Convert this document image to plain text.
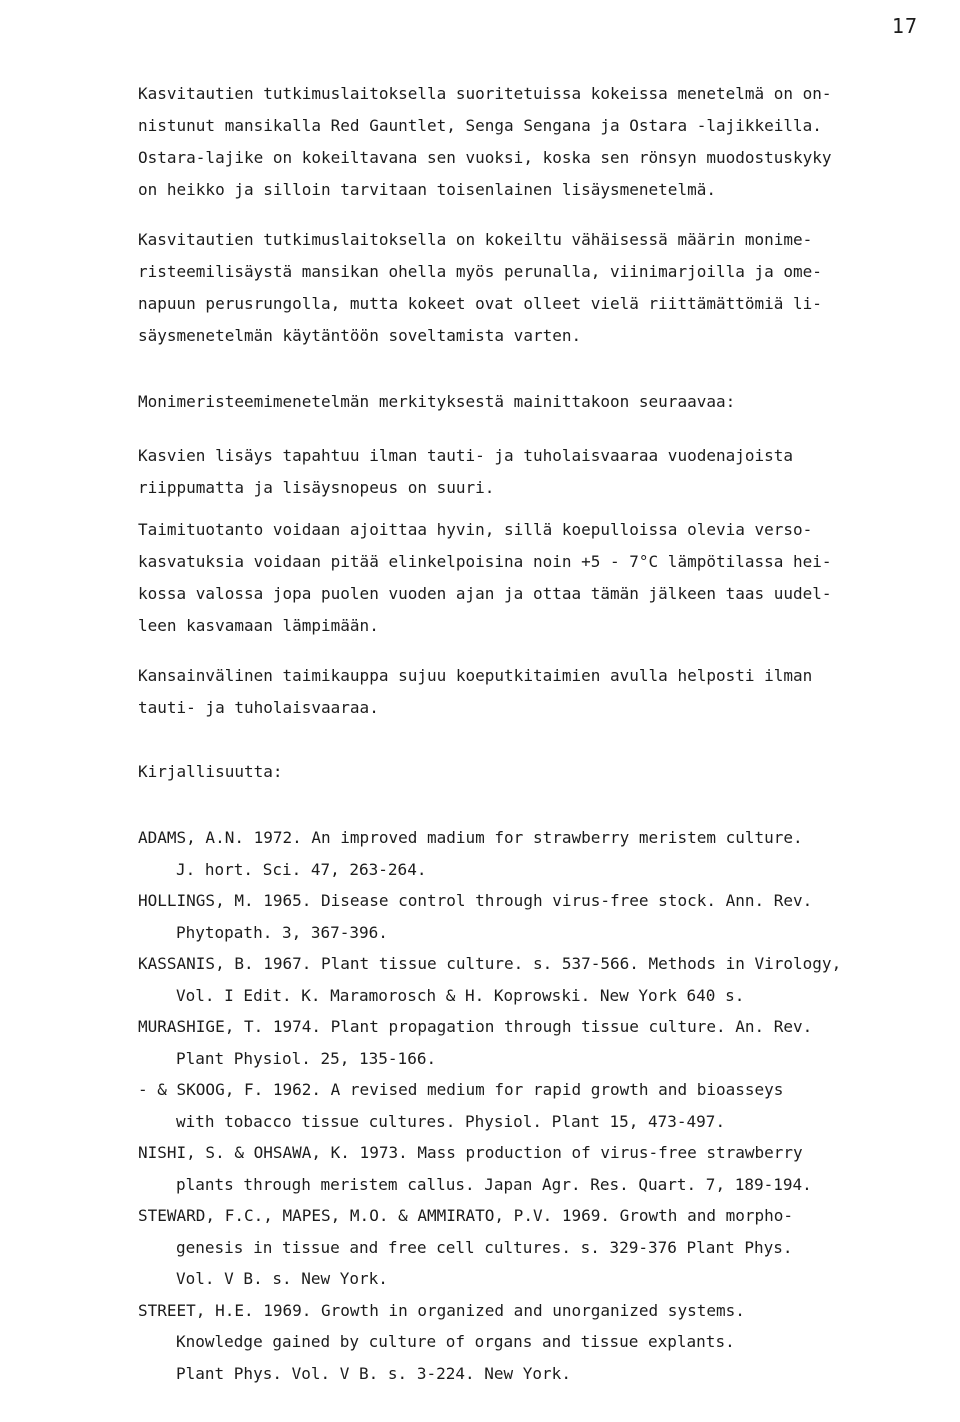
17
Kasvitautien tutkimuslaitoksella suoritetuissa kokeissa menetelmä on on-
nistunut mansikalla Red Gauntlet, Senga Sengana ja Ostara -lajikkeilla.
Ostara-lajike on kokeiltavana sen vuoksi, koska sen rönsyn muodostuskyky
on heikko ja silloin tarvitaan toisenlainen lisäysmenetelmä.
Kasvitautien tutkimuslaitoksella on kokeiltu vähäisessä määrin monime-
risteemilisäystä mansikan ohella myös perunalla, viinimarjoilla ja ome-
napuun perusrungolla, mutta kokeet ovat olleet vielä riittämättömiä li-
säysmenetelmän käytäntöön soveltamista varten.
Monimeristeemimenetelmän merkityksestä mainittakoon seuraavaa:
Kasvien lisäys tapahtuu ilman tauti- ja tuholaisvaaraa vuodenajoista
riippumatta ja lisäysnopeus on suuri.
Taimituotanto voidaan ajoittaa hyvin, sillä koepulloissa olevia verso-
kasvatuksia voidaan pitää elinkelpoisina noin +5 - 7°C lämpötilassa hei-
kossa valossa jopa puolen vuoden ajan ja ottaa tämän jälkeen taas uudel-
leen kasvamaan lämpimään.
Kansainvälinen taimikauppa sujuu koeputkitaimien avulla helposti ilman
tauti- ja tuholaisvaaraa.
Kirjallisuutta:
ADAMS, A.N. 1972. An improved madium for strawberry meristem culture.
J. hort. Sci. 47, 263-264.
HOLLINGS, M. 1965. Disease control through virus-free stock. Ann. Rev.
Phytopath. 3, 367-396.
KASSANIS, B. 1967. Plant tissue culture. s. 537-566. Methods in Virology,
Vol. I Edit. K. Maramorosch & H. Koprowski. New York 640 s.
MURASHIGE, T. 1974. Plant propagation through tissue culture. An. Rev.
Plant Physiol. 25, 135-166.
- & SKOOG, F. 1962. A revised medium for rapid growth and bioasseys
with tobacco tissue cultures. Physiol. Plant 15, 473-497.
NISHI, S. & OHSAWA, K. 1973. Mass production of virus-free strawberry
plants through meristem callus. Japan Agr. Res. Quart. 7, 189-194.
STEWARD, F.C., MAPES, M.O. & AMMIRATO, P.V. 1969. Growth and morpho-
genesis in tissue and free cell cultures. s. 329-376 Plant Phys.
Vol. V B. s. New York.
STREET, H.E. 1969. Growth in organized and unorganized systems.
Knowledge gained by culture of organs and tissue explants.
Plant Phys. Vol. V B. s. 3-224. New York.
